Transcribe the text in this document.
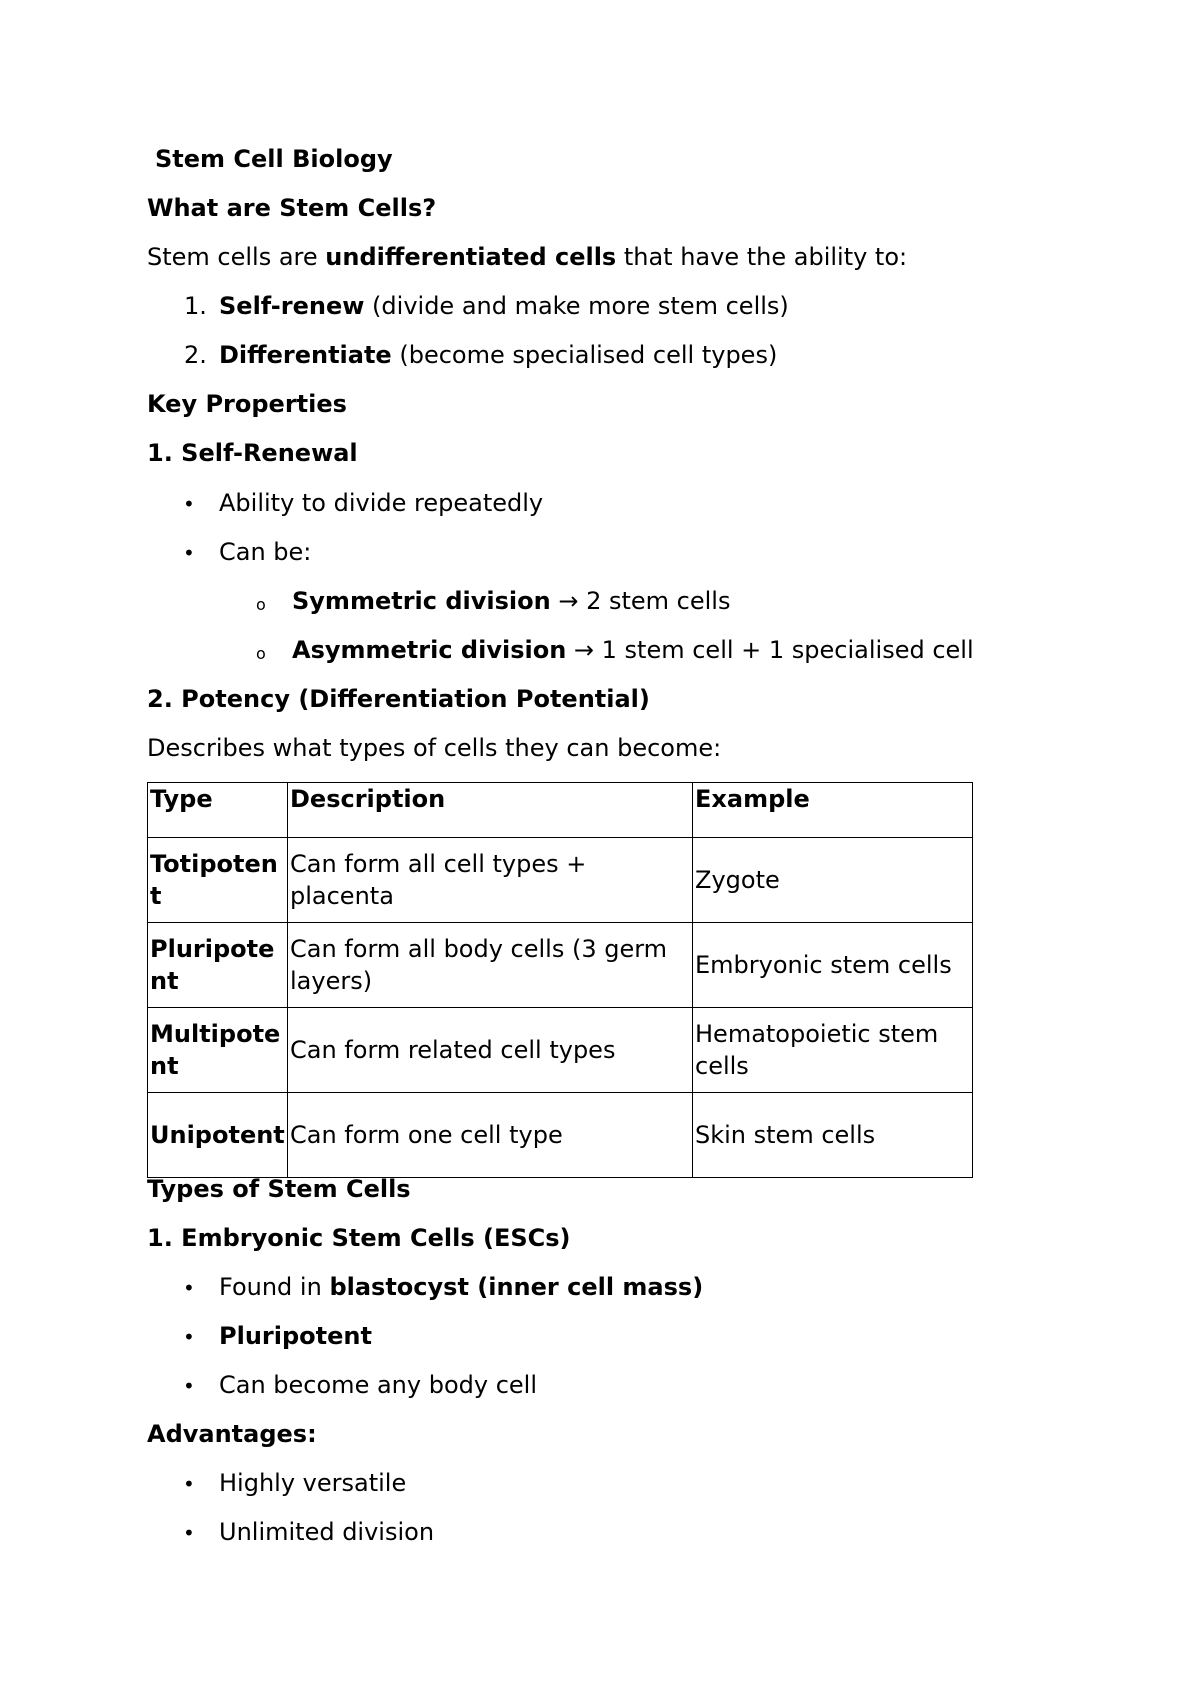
Stem Cell Biology
What are Stem Cells?
Stem cells are undifferentiated cells that have the ability to:
1. Self-renew (divide and make more stem cells)
2. Differentiate (become specialised cell types)
Key Properties
1. Self-Renewal
• Ability to divide repeatedly
• Can be:
o Symmetric division → 2 stem cells
o Asymmetric division → 1 stem cell + 1 specialised cell
2. Potency (Differentiation Potential)
Describes what types of cells they can become:
Type	Description	Example
Totipotent	Can form all cell types + placenta	Zygote
Pluripotent	Can form all body cells (3 germ layers)	Embryonic stem cells
Multipotent	Can form related cell types	Hematopoietic stem cells
Unipotent	Can form one cell type	Skin stem cells
Types of Stem Cells
1. Embryonic Stem Cells (ESCs)
• Found in blastocyst (inner cell mass)
• Pluripotent
• Can become any body cell
Advantages:
• Highly versatile
• Unlimited division
